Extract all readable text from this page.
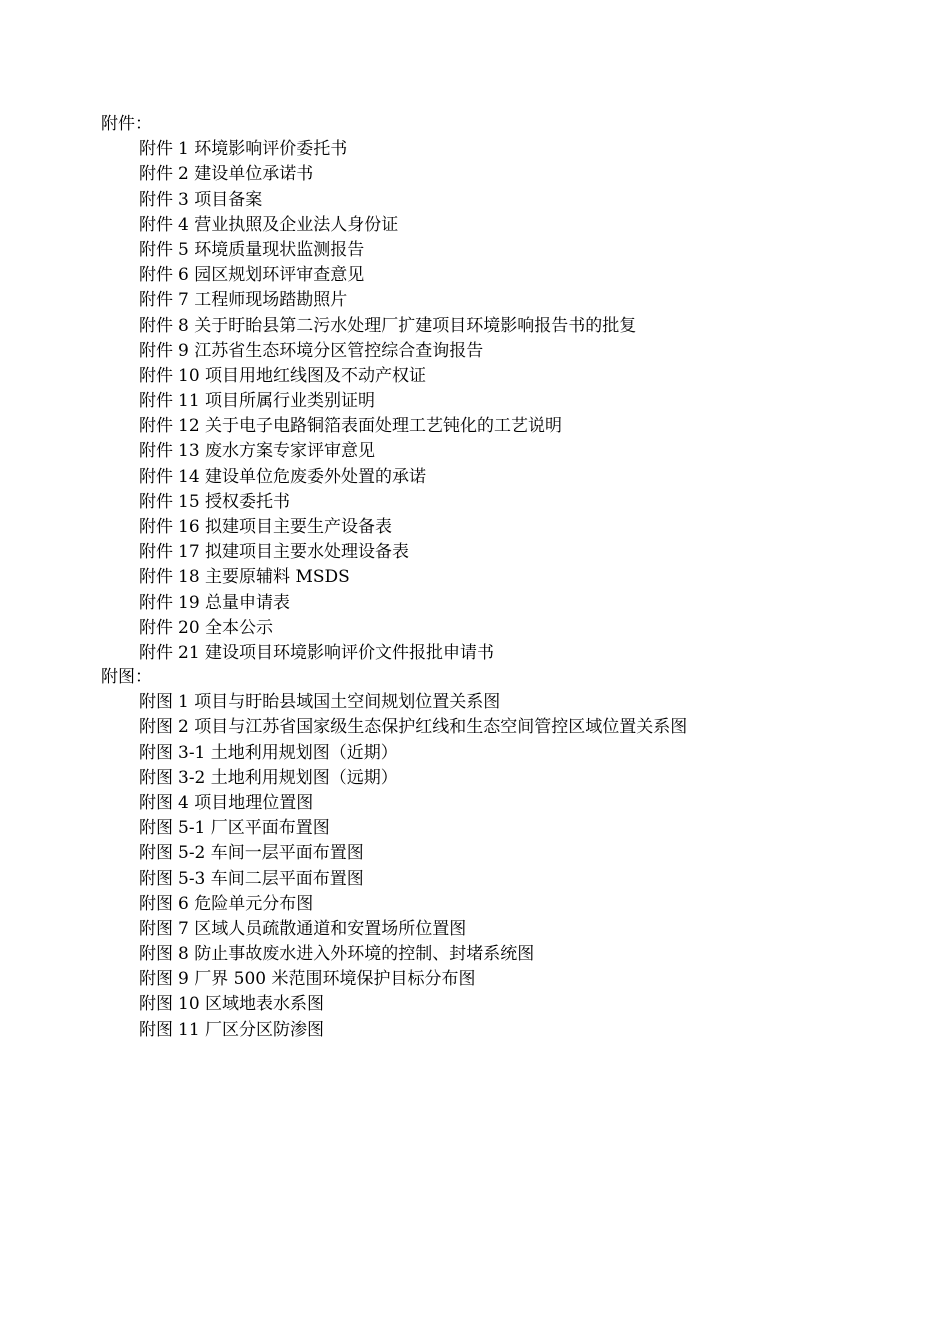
附件：
附件 1 环境影响评价委托书
附件 2 建设单位承诺书
附件 3 项目备案
附件 4 营业执照及企业法人身份证
附件 5 环境质量现状监测报告
附件 6 园区规划环评审查意见
附件 7 工程师现场踏勘照片
附件 8 关于盱眙县第二污水处理厂扩建项目环境影响报告书的批复
附件 9 江苏省生态环境分区管控综合查询报告
附件 10 项目用地红线图及不动产权证
附件 11 项目所属行业类别证明
附件 12 关于电子电路铜箔表面处理工艺钝化的工艺说明
附件 13 废水方案专家评审意见
附件 14 建设单位危废委外处置的承诺
附件 15 授权委托书
附件 16 拟建项目主要生产设备表
附件 17 拟建项目主要水处理设备表
附件 18 主要原辅料 MSDS
附件 19 总量申请表
附件 20 全本公示
附件 21 建设项目环境影响评价文件报批申请书
附图：
附图 1 项目与盱眙县域国土空间规划位置关系图
附图 2 项目与江苏省国家级生态保护红线和生态空间管控区域位置关系图
附图 3-1 土地利用规划图（近期）
附图 3-2 土地利用规划图（远期）
附图 4 项目地理位置图
附图 5-1 厂区平面布置图
附图 5-2 车间一层平面布置图
附图 5-3 车间二层平面布置图
附图 6 危险单元分布图
附图 7 区域人员疏散通道和安置场所位置图
附图 8 防止事故废水进入外环境的控制、封堵系统图
附图 9 厂界 500 米范围环境保护目标分布图
附图 10 区域地表水系图
附图 11 厂区分区防渗图
